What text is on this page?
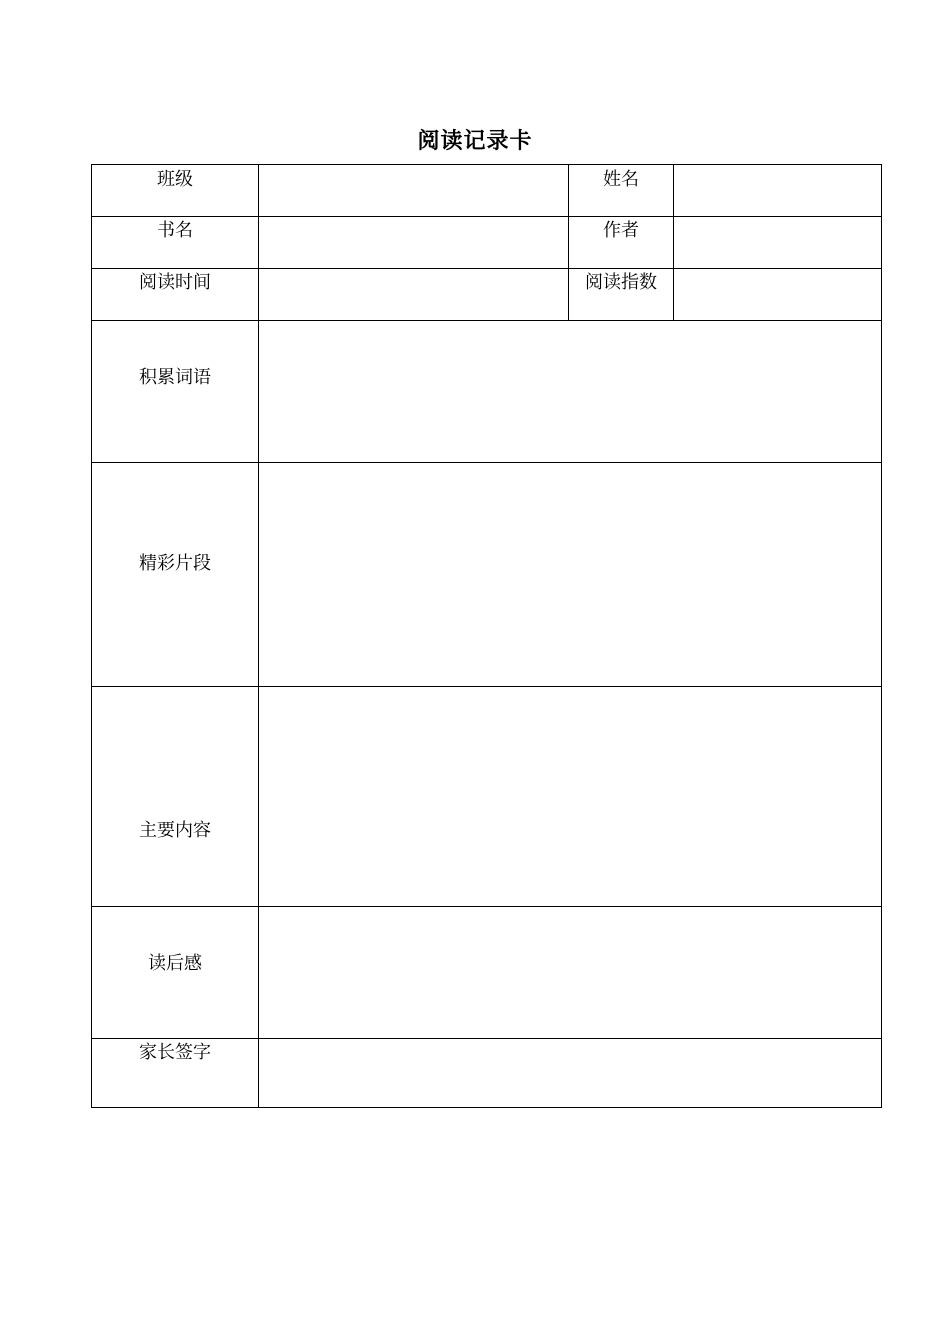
阅读记录卡
班级	姓名
书名	作者
阅读时间	阅读指数
积累词语
精彩片段
主要内容
读后感
家长签字
